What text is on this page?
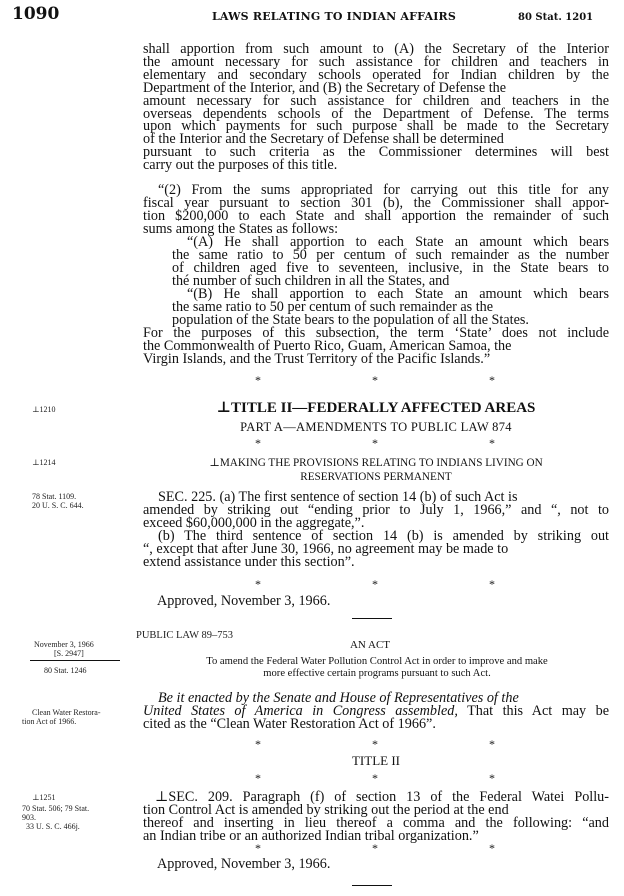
1090	LAWS RELATING TO INDIAN AFFAIRS	80 Stat. 1201
shall apportion from such amount to (A) the Secretary of the Interior
the amount necessary for such assistance for children and teachers in
elementary and secondary schools operated for Indian children by the
Department of the Interior, and (B) the Secretary of Defense the
amount necessary for such assistance for children and teachers in the
overseas dependents schools of the Department of Defense. The terms
upon which payments for such purpose shall be made to the Secretary
of the Interior and the Secretary of Defense shall be determined
pursuant to such criteria as the Commissioner determines will best
carry out the purposes of this title.
“(2) From the sums appropriated for carrying out this title for any
fiscal year pursuant to section 301 (b), the Commissioner shall appor-
tion $200,000 to each State and shall apportion the remainder of such
sums among the States as follows:
“(A) He shall apportion to each State an amount which bears
the same ratio to 50 per centum of such remainder as the number
of children aged five to seventeen, inclusive, in the State bears to
thé number of such children in all the States, and
“(B) He shall apportion to each State an amount which bears
the same ratio to 50 per centum of such remainder as the
population of the State bears to the population of all the States.
For the purposes of this subsection, the term ‘State’ does not include
the Commonwealth of Puerto Rico, Guam, American Samoa, the
Virgin Islands, and the Trust Territory of the Pacific Islands.”
*	*	*
⊥1210
⊥1214
78 Stat. 1109.
20 U. S. C. 644.
⊥TITLE II—FEDERALLY AFFECTED AREAS
PART A—AMENDMENTS TO PUBLIC LAW 874
*	*	*
⊥MAKING THE PROVISIONS RELATING TO INDIANS LIVING ON
RESERVATIONS PERMANENT
SEC. 225. (a) The first sentence of section 14 (b) of such Act is
amended by striking out “ending prior to July 1, 1966,” and “, not to
exceed $60,000,000 in the aggregate,”.
(b) The third sentence of section 14 (b) is amended by striking out
“, except that after June 30, 1966, no agreement may be made to
extend assistance under this section”.
*	*	*
Approved, November 3, 1966.
PUBLIC LAW 89–753
AN ACT
November 3, 1966
[S. 2947]
80 Stat. 1246
To amend the Federal Water Pollution Control Act in order to improve and make
more effective certain programs pursuant to such Act.
Clean Water Restora-
tion Act of 1966.
Be it enacted by the Senate and House of Representatives of the
United States of America in Congress assembled, That this Act may be
cited as the “Clean Water Restoration Act of 1966”.
*	*	*
TITLE II
*	*	*
⊥1251
70 Stat. 506; 79 Stat.
903.
33 U. S. C. 466j.
⊥SEC. 209. Paragraph (f) of section 13 of the Federal Watei Pollu-
tion Control Act is amended by striking out the period at the end
thereof and inserting in lieu thereof a comma and the following: “and
an Indian tribe or an authorized Indian tribal organization.”
*	*	*
Approved, November 3, 1966.
